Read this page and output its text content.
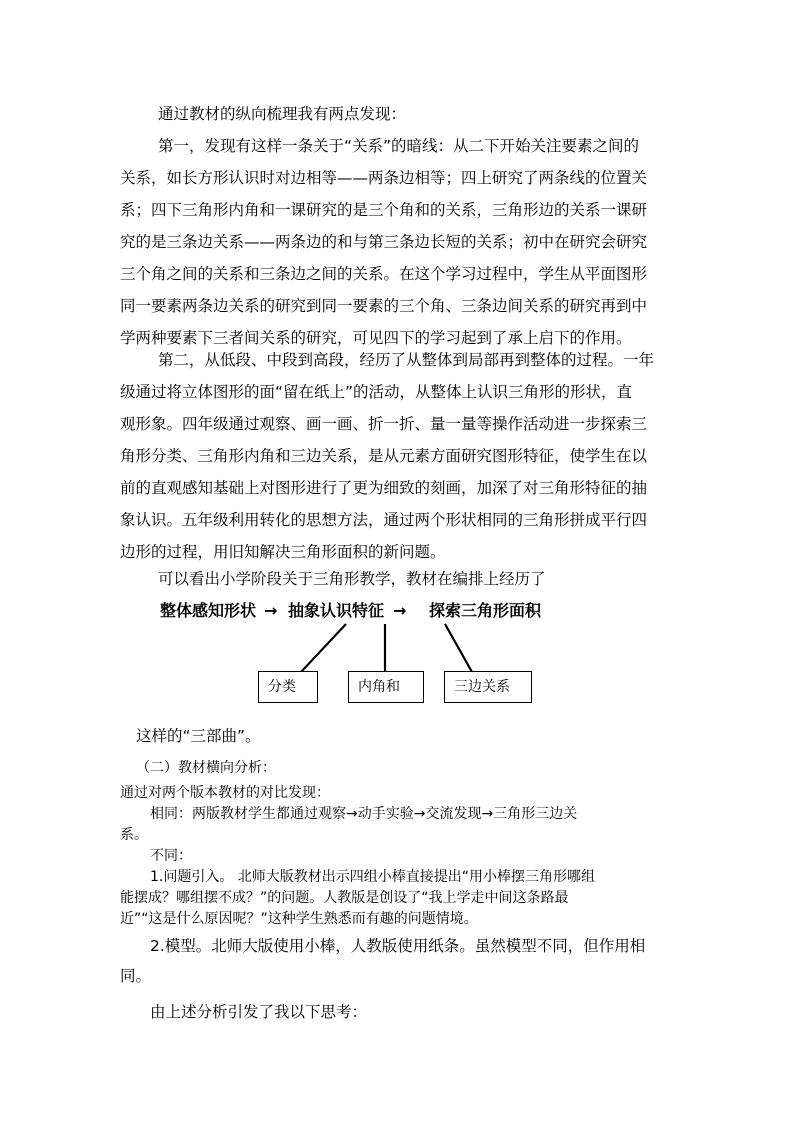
通过教材的纵向梳理我有两点发现：

第一，发现有这样一条关于“关系”的暗线：从二下开始关注要素之间的

关系，如长方形认识时对边相等——两条边相等；四上研究了两条线的位置关

系；四下三角形内角和一课研究的是三个角和的关系，三角形边的关系一课研

究的是三条边关系——两条边的和与第三条边长短的关系；初中在研究会研究

三个角之间的关系和三条边之间的关系。在这个学习过程中，学生从平面图形

同一要素两条边关系的研究到同一要素的三个角、三条边间关系的研究再到中

学两种要素下三者间关系的研究，可见四下的学习起到了承上启下的作用。

第二，从低段、中段到高段，经历了从整体到局部再到整体的过程。一年

级通过将立体图形的面“留在纸上”的活动，从整体上认识三角形的形状，直

观形象。四年级通过观察、画一画、折一折、量一量等操作活动进一步探索三

角形分类、三角形内角和三边关系，是从元素方面研究图形特征，使学生在以

前的直观感知基础上对图形进行了更为细致的刻画，加深了对三角形特征的抽

象认识。五年级利用转化的思想方法，通过两个形状相同的三角形拼成平行四

边形的过程，用旧知解决三角形面积的新问题。

可以看出小学阶段关于三角形教学，教材在编排上经历了

整体感知形状 → 抽象认识特征 → 探索三角形面积
分类	内角和	三边关系

这样的“三部曲”。

（二）教材横向分析：

通过对两个版本教材的对比发现：

相同：两版教材学生都通过观察→动手实验→交流发现→三角形三边关

系。

不同：

1.问题引入。 北师大版教材出示四组小棒直接提出“用小棒摆三角形哪组

能摆成？哪组摆不成？”的问题。人教版是创设了“我上学走中间这条路最

近”“这是什么原因呢？”这种学生熟悉而有趣的问题情境。

2.模型。北师大版使用小棒，人教版使用纸条。虽然模型不同，但作用相

同。

由上述分析引发了我以下思考：
